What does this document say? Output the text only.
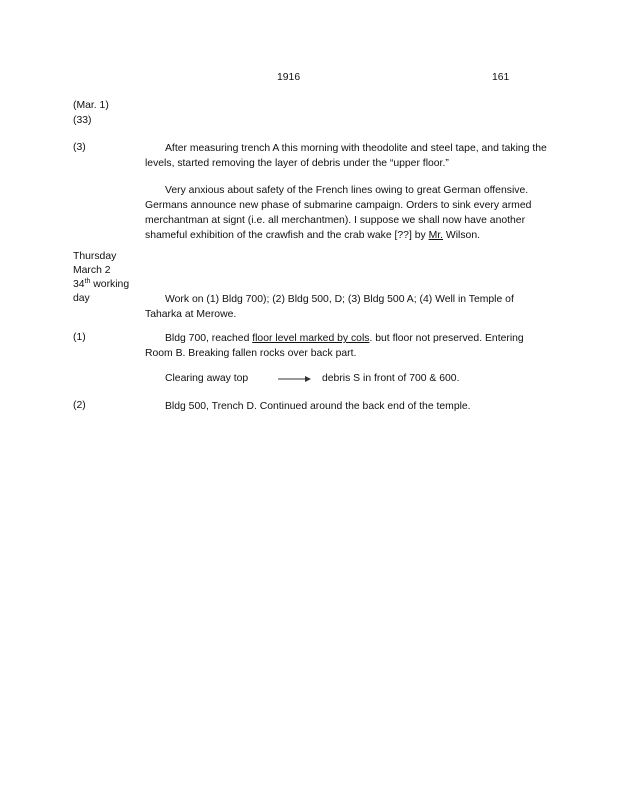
1916	161
(Mar. 1)
(33)
(3)	After measuring trench A this morning with theodolite and steel tape, and taking the levels, started removing the layer of debris under the “upper floor.”
Very anxious about safety of the French lines owing to great German offensive. Germans announce new phase of submarine campaign. Orders to sink every armed merchantman at signt (i.e. all merchantmen). I suppose we shall now have another shameful exhibition of the crawfish and the crab wake [??] by Mr. Wilson.
Thursday
March 2
34th working
day	Work on (1) Bldg 700); (2) Bldg 500, D; (3) Bldg 500 A; (4) Well in Temple of Taharka at Merowe.
(1)	Bldg 700, reached floor level marked by cols. but floor not preserved. Entering Room B. Breaking fallen rocks over back part.
Clearing away top	debris S in front of 700 & 600.
(2)	Bldg 500, Trench D. Continued around the back end of the temple.
